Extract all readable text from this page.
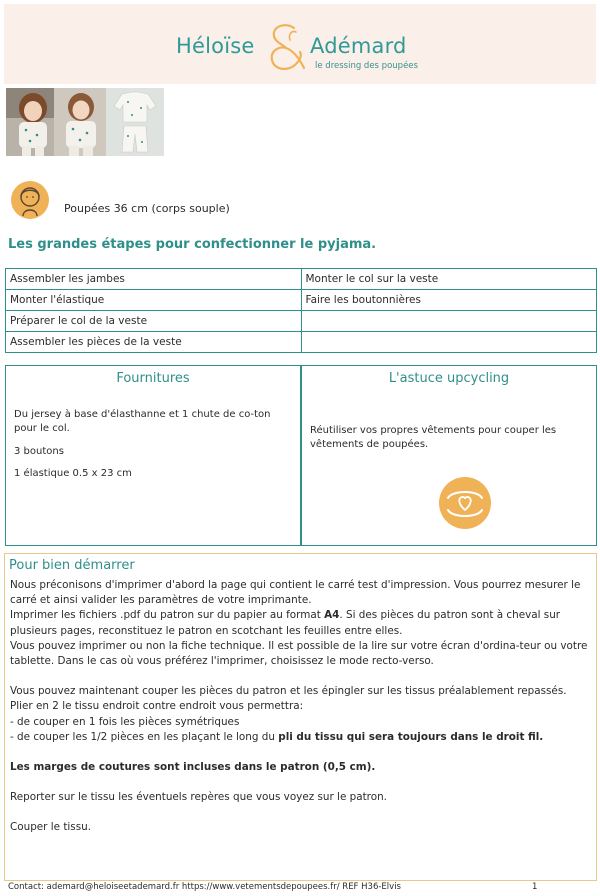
Héloïse	Adémard
le dressing des poupées
Poupées 36 cm (corps souple)
Les grandes étapes pour confectionner le pyjama.
Assembler les jambes	Monter le col sur la veste
Monter l'élastique	Faire les boutonnières
Préparer le col de la veste	
Assembler les pièces de la veste	
Fournitures
Du jersey à base d'élasthanne et 1 chute de co-ton pour le col.
3 boutons
1 élastique 0.5 x 23 cm
L'astuce upcycling
Réutiliser vos propres vêtements pour couper les vêtements de poupées.
Pour bien démarrer

Nous préconisons d'imprimer d'abord la page qui contient le carré test d'impression. Vous pourrez mesurer le carré et ainsi valider les paramètres de votre imprimante.

Imprimer les fichiers .pdf du patron sur du papier au format A4. Si des pièces du patron sont à cheval sur plusieurs pages, reconstituez le patron en scotchant les feuilles entre elles.

Vous pouvez imprimer ou non la fiche technique. Il est possible de la lire sur votre écran d'ordina-teur ou votre tablette. Dans le cas où vous préférez l'imprimer, choisissez le mode recto-verso.

Vous pouvez maintenant couper les pièces du patron et les épingler sur les tissus préalablement repassés.

Plier en 2 le tissu endroit contre endroit vous permettra:

- de couper en 1 fois les pièces symétriques

- de couper les 1/2 pièces en les plaçant le long du pli du tissu qui sera toujours dans le droit fil.

Les marges de coutures sont incluses dans le patron (0,5 cm).

Reporter sur le tissu les éventuels repères que vous voyez sur le patron.

Couper le tissu.

Contact: ademard@heloiseetademard.fr https://www.vetementsdepoupees.fr/ REF H36-Elvis	1
